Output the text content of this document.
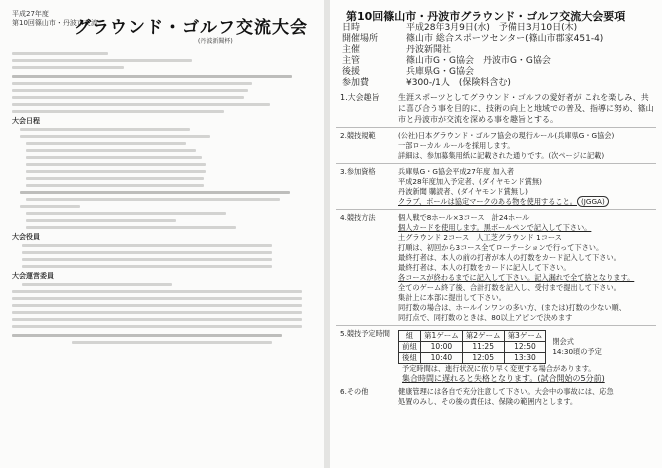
平成27年度
第10回篠山市・丹波市交流
グラウンド・ゴルフ交流大会
(丹波新聞杯)
大会日程
大会役員
大会運営委員
第10回篠山市・丹波市グラウンド・ゴルフ交流大会要項
日時	平成28年3月9日(水)　予備日3月10日(木)
開催場所	篠山市 総合スポーツセンター(篠山市郡家451-4)
主催	丹波新聞社
主管	篠山市G・G協会　丹波市G・G協会
後援	兵庫県G・G協会
参加費	¥300-/1人　(保険料含む)
1.大会趣旨	生涯スポーツとしてグラウンド・ゴルフの愛好者が これを楽しみ、共に喜び合う事を目的に、技術の向上と地域での普及、指導に努め、篠山市と丹波市が交流を深める事を趣旨とする。
2.競技規範	(公社)日本グラウンド・ゴルフ協会の現行ルール(兵庫県G・G協会)
一部ローカル ルールを採用します。
詳細は、参加募集用紙に記載された通りです。(次ページに記載)
3.参加資格	兵庫県G・G協会平成27年度 加入者
平成28年度加入予定者、(ダイヤモンド賞無)
丹波新聞 購読者、(ダイヤモンド賞無し)
クラブ、ボールは協定マークのある物を使用すること。 (JGGA)
4.競技方法	個人戦で8ホール×3コース　計24ホール
個人カードを使用します。黒ボールペンで記入して下さい。
土グラウンド 2コース　人工芝グラウンド 1コース
打順は、初回から3コース全てローテーションで行って下さい。
最終打者は、本人の前の打者が本人の打数をカード記入して下さい。
最終打者は、本人の打数をカードに記入して下さい。
各コースが終わるまでに記入して下さい。記入漏れで全て捨となります。
全てのゲーム終了後、合計打数を記入し、受付まで提出して下さい。
集計上に本部に提出して下さい。
同打数の場合は、ホールインワンの多い方、(または)打数の少ない順、
同打点で、同打数のときは、80以上アピンで決めます
5.競技予定時間	組	第1ゲーム	第2ゲーム	第3ゲーム
前組	10:00	11:25	12:50
後組	10:40	12:05	13:30
閉会式
14:30頃の予定
予定時間は、進行状況に依り早く変更する場合があります。
集合時間に遅れると失格となります。(試合開始の5分前)
6.その他	健康管理には各自で充分注意して下さい。大会中の事故には、応急
処置のみし、その後の責任は、保険の範囲内とします。
